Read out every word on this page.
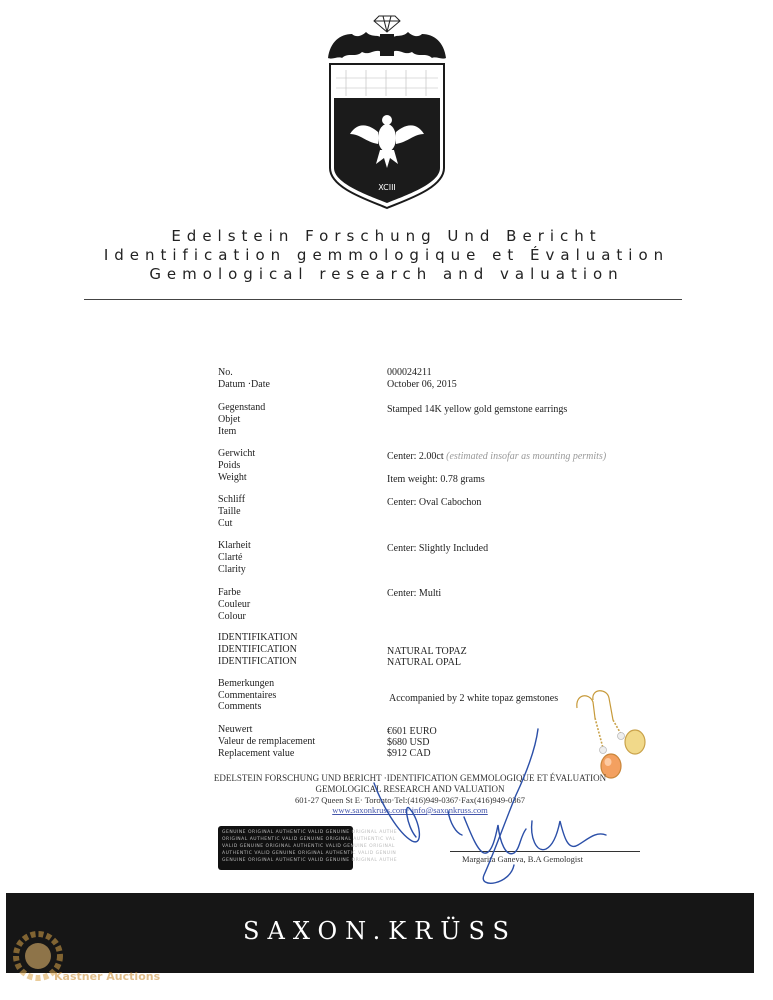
XCIII
Edelstein Forschung Und Bericht
Identification gemmologique et Évaluation
Gemological research and valuation
No.
Datum ·Date
000024211
October 06, 2015
Gegenstand
Objet
Item
Stamped 14K yellow gold gemstone earrings
Gerwicht
Poids
Weight
Center: 2.00ct (estimated insofar as mounting permits)
Item weight: 0.78 grams
Schliff
Taille
Cut
Center: Oval Cabochon
Klarheit
Clarté
Clarity
Center: Slightly Included
Farbe
Couleur
Colour
Center: Multi
IDENTIFIKATION
IDENTIFICATION
IDENTIFICATION
NATURAL TOPAZ
NATURAL OPAL
Bemerkungen
Commentaires
Comments
Accompanied by 2 white topaz gemstones
Neuwert
Valeur de remplacement
Replacement value
€601 EURO
$680 USD
$912 CAD
EDELSTEIN FORSCHUNG UND BERICHT ·IDENTIFICATION GEMMOLOGIQUE ET ÉVALUATION
GEMOLOGICAL RESEARCH AND VALUATION
601-27 Queen St E· Toronto·Tel:(416)949-0367·Fax(416)949-0367
www.saxonkruss.com· info@saxonkruss.com
GENUINE ORIGINAL AUTHENTIC VALID GENUINE ORIGINAL AUTHE
ORIGINAL AUTHENTIC VALID GENUINE ORIGINAL AUTHENTIC VAL
VALID GENUINE ORIGINAL AUTHENTIC VALID GENUINE ORIGINAL
AUTHENTIC VALID GENUINE ORIGINAL AUTHENTIC VALID GENUIN
GENUINE ORIGINAL AUTHENTIC VALID GENUINE ORIGINAL AUTHE	Margarita Ganeva, B.A Gemologist
SAXON.KRÜSS
Kastner Auctions
